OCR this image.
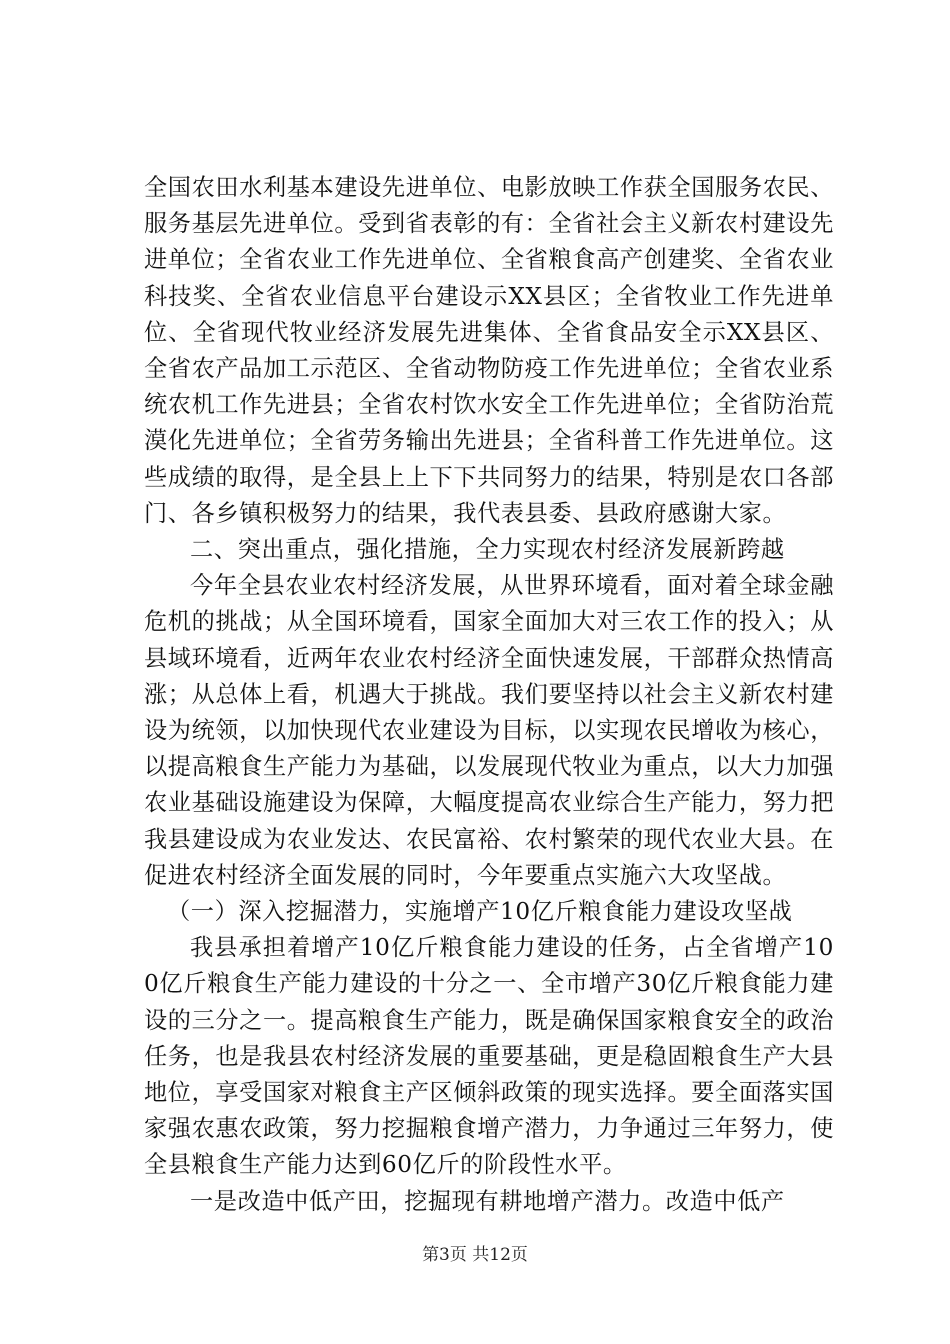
全国农田水利基本建设先进单位、电影放映工作获全国服务农民、服务基层先进单位。受到省表彰的有：全省社会主义新农村建设先进单位；全省农业工作先进单位、全省粮食高产创建奖、全省农业科技奖、全省农业信息平台建设示XX县区；全省牧业工作先进单位、全省现代牧业经济发展先进集体、全省食品安全示XX县区、全省农产品加工示范区、全省动物防疫工作先进单位；全省农业系统农机工作先进县；全省农村饮水安全工作先进单位；全省防治荒漠化先进单位；全省劳务输出先进县；全省科普工作先进单位。这些成绩的取得，是全县上上下下共同努力的结果，特别是农口各部门、各乡镇积极努力的结果，我代表县委、县政府感谢大家。

二、突出重点，强化措施，全力实现农村经济发展新跨越

今年全县农业农村经济发展，从世界环境看，面对着全球金融危机的挑战；从全国环境看，国家全面加大对三农工作的投入；从县域环境看，近两年农业农村经济全面快速发展，干部群众热情高涨；从总体上看，机遇大于挑战。我们要坚持以社会主义新农村建设为统领，以加快现代农业建设为目标，以实现农民增收为核心，以提高粮食生产能力为基础，以发展现代牧业为重点，以大力加强农业基础设施建设为保障，大幅度提高农业综合生产能力，努力把我县建设成为农业发达、农民富裕、农村繁荣的现代农业大县。在促进农村经济全面发展的同时，今年要重点实施六大攻坚战。

（一）深入挖掘潜力，实施增产10亿斤粮食能力建设攻坚战

我县承担着增产10亿斤粮食能力建设的任务，占全省增产100亿斤粮食生产能力建设的十分之一、全市增产30亿斤粮食能力建设的三分之一。提高粮食生产能力，既是确保国家粮食安全的政治任务，也是我县农村经济发展的重要基础，更是稳固粮食生产大县地位，享受国家对粮食主产区倾斜政策的现实选择。要全面落实国家强农惠农政策，努力挖掘粮食增产潜力，力争通过三年努力，使全县粮食生产能力达到60亿斤的阶段性水平。

一是改造中低产田，挖掘现有耕地增产潜力。改造中低产

第3页 共12页
